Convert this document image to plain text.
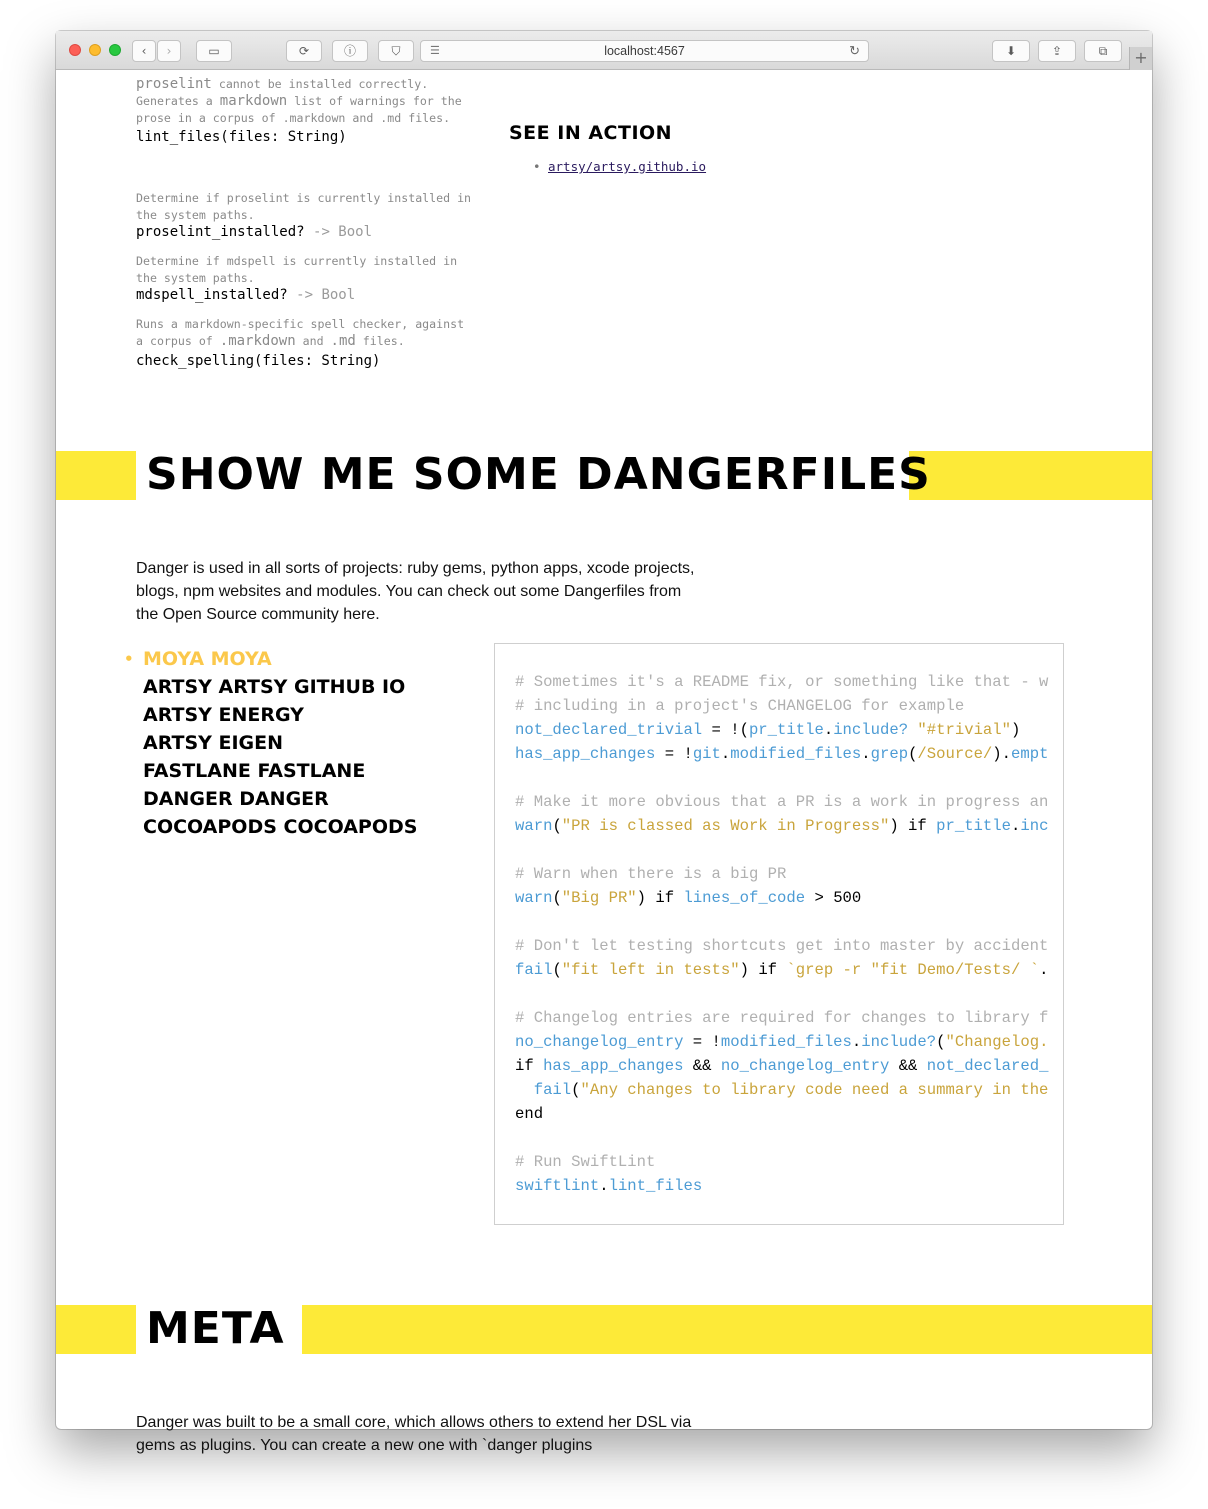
‹	›	▭	⟳	ⓘ	⛉	☰	localhost:4567	↻	⬇	⇪	⧉	+
proselint cannot be installed correctly.
Generates a markdown list of warnings for the
prose in a corpus of .markdown and .md files.
lint_files(files: String)
Determine if proselint is currently installed in
the system paths.
proselint_installed? -> Bool
Determine if mdspell is currently installed in
the system paths.
mdspell_installed? -> Bool
Runs a markdown-specific spell checker, against
a corpus of .markdown and .md files.
check_spelling(files: String)
SEE IN ACTION
• artsy/artsy.github.io
SHOW ME SOME DANGERFILES
Danger is used in all sorts of projects: ruby gems, python apps, xcode projects, blogs, npm websites and modules. You can check out some Dangerfiles from the Open Source community here.
• MOYA MOYA
ARTSY ARTSY GITHUB IO
ARTSY ENERGY
ARTSY EIGEN
FASTLANE FASTLANE
DANGER DANGER
COCOAPODS COCOAPODS
# Sometimes it's a README fix, or something like that - w
# including in a project's CHANGELOG for example
not_declared_trivial = !(pr_title.include? "#trivial")
has_app_changes = !git.modified_files.grep(/Source/).empt

# Make it more obvious that a PR is a work in progress an
warn("PR is classed as Work in Progress") if pr_title.inc

# Warn when there is a big PR
warn("Big PR") if lines_of_code > 500

# Don't let testing shortcuts get into master by accident
fail("fit left in tests") if `grep -r "fit Demo/Tests/ `.

# Changelog entries are required for changes to library f
no_changelog_entry = !modified_files.include?("Changelog.
if has_app_changes && no_changelog_entry && not_declared_
fail("Any changes to library code need a summary in the
end

# Run SwiftLint
swiftlint.lint_files
META
Danger was built to be a small core, which allows others to extend her DSL via gems as plugins. You can create a new one with `danger plugins
